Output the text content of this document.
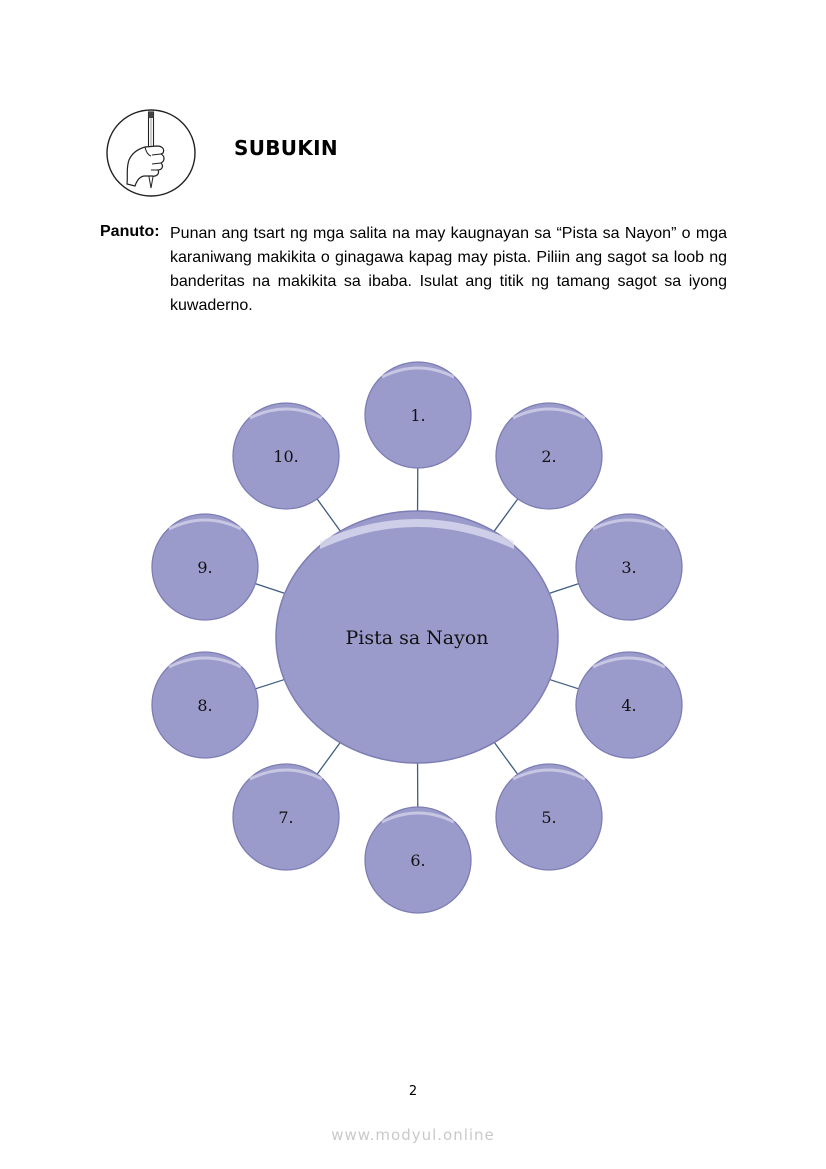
SUBUKIN
Panuto: Punan ang tsart ng mga salita na may kaugnayan sa “Pista sa Nayon” o mga karaniwang makikita o ginagawa kapag may pista. Piliin ang sagot sa loob ng banderitas na makikita sa ibaba. Isulat ang titik ng tamang sagot sa iyong kuwaderno.

Pista sa Nayon
1.
2.
3.
4.
5.
6.
7.
8.
9.
10.
2
www.modyul.online
